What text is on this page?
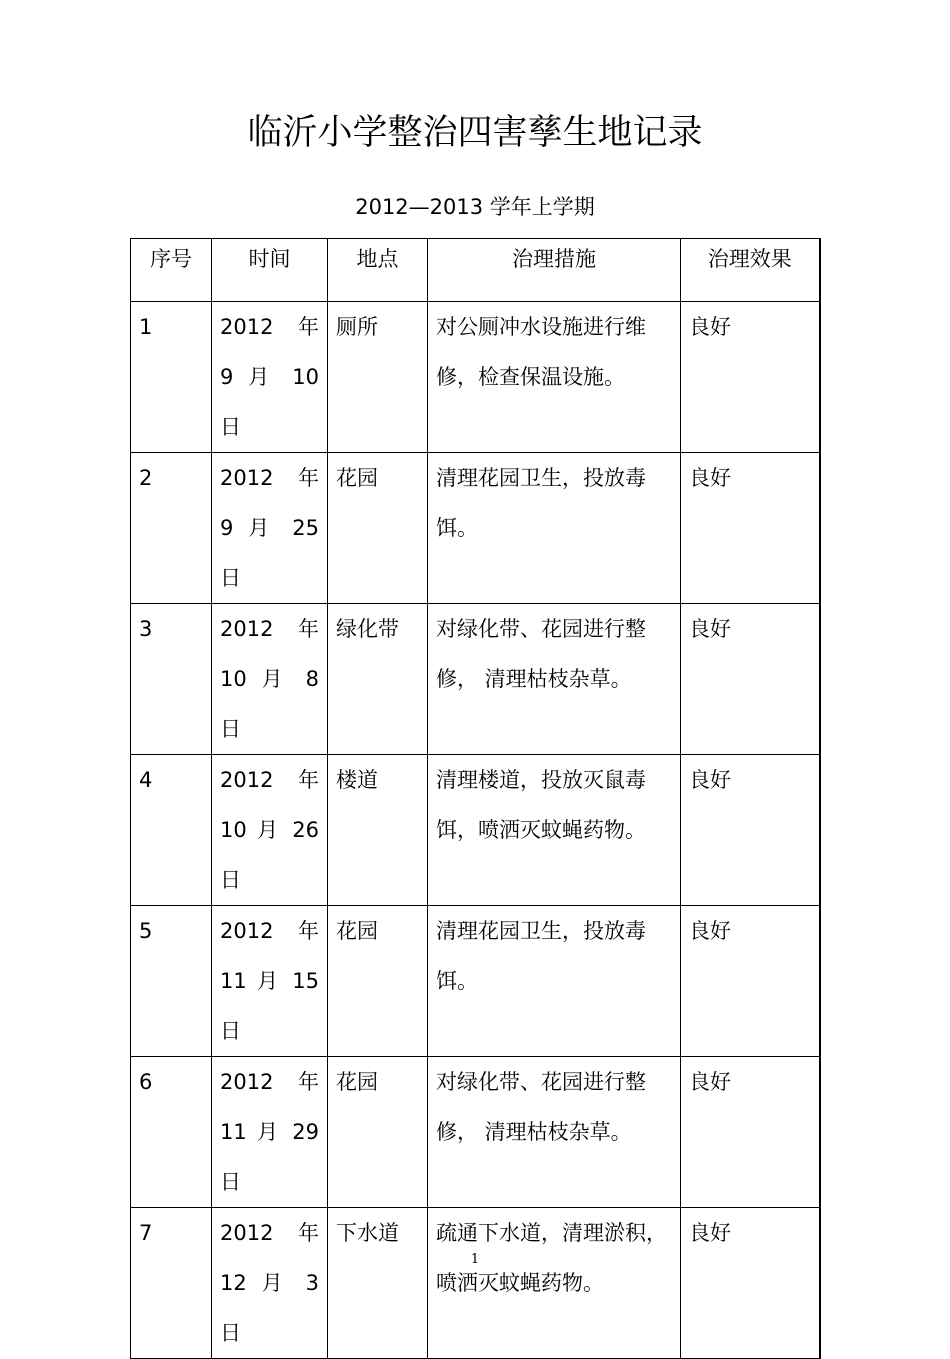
临沂小学整治四害孳生地记录
2012—2013 学年上学期
序号	时间	地点	治理措施	治理效果
1	2012 年 9 月 10 日	厕所	对公厕冲水设施进行维修，检查保温设施。	良好
2	2012 年 9 月 25 日	花园	清理花园卫生，投放毒饵。	良好
3	2012 年 10 月 8 日	绿化带	对绿化带、花园进行整修， 清理枯枝杂草。	良好
4	2012 年 10 月 26 日	楼道	清理楼道，投放灭鼠毒饵，喷洒灭蚊蝇药物。	良好
5	2012 年 11 月 15 日	花园	清理花园卫生，投放毒饵。	良好
6	2012 年 11 月 29 日	花园	对绿化带、花园进行整修， 清理枯枝杂草。	良好
7	2012 年 12 月 3 日	下水道	疏通下水道，清理淤积，喷洒灭蚊蝇药物。	良好
1
